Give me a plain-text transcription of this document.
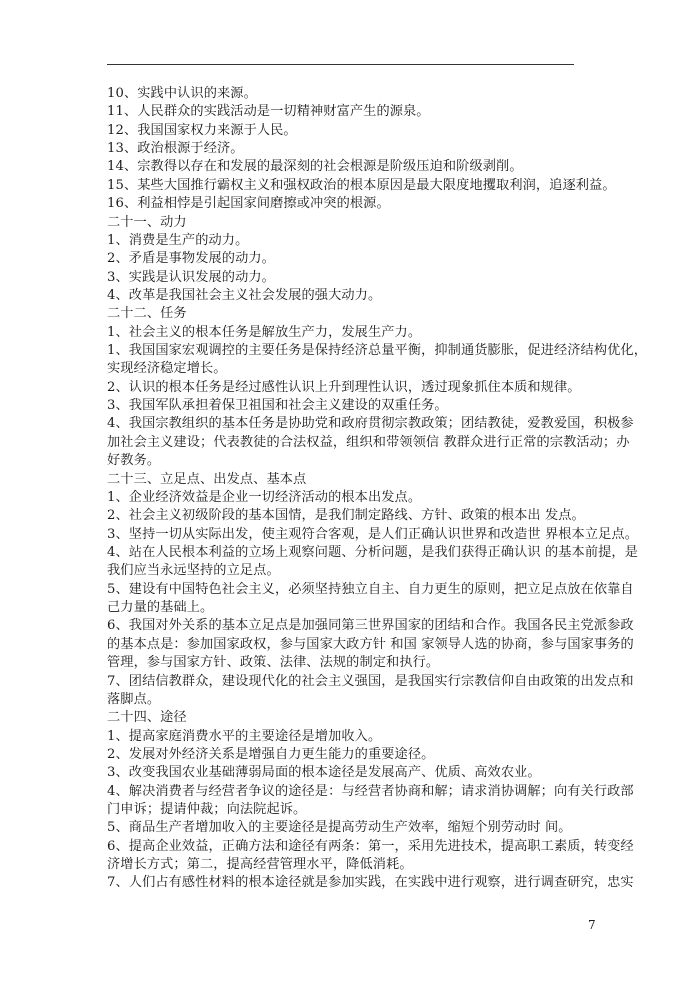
10、实践中认识的来源。
11、人民群众的实践活动是一切精神财富产生的源泉。
12、我国国家权力来源于人民。
13、政治根源于经济。
14、宗教得以存在和发展的最深刻的社会根源是阶级压迫和阶级剥削。
15、某些大国推行霸权主义和强权政治的根本原因是最大限度地攫取利润，追逐利益。
16、利益相悖是引起国家间磨擦或冲突的根源。
二十一、动力
1、消费是生产的动力。
2、矛盾是事物发展的动力。
3、实践是认识发展的动力。
4、改革是我国社会主义社会发展的强大动力。
二十二、任务
1、社会主义的根本任务是解放生产力，发展生产力。
1、我国国家宏观调控的主要任务是保持经济总量平衡，抑制通货膨胀，促进经济结构优化，
实现经济稳定增长。
2、认识的根本任务是经过感性认识上升到理性认识，透过现象抓住本质和规律。
3、我国军队承担着保卫祖国和社会主义建设的双重任务。
4、我国宗教组织的基本任务是协助党和政府贯彻宗教政策；团结教徒，爱教爱国，积极参
加社会主义建设；代表教徒的合法权益，组织和带领领信 教群众进行正常的宗教活动；办
好教务。
二十三、立足点、出发点、基本点
1、企业经济效益是企业一切经济活动的根本出发点。
2、社会主义初级阶段的基本国情，是我们制定路线、方针、政策的根本出 发点。
3、坚持一切从实际出发，使主观符合客观，是人们正确认识世界和改造世 界根本立足点。
4、站在人民根本利益的立场上观察问题、分析问题，是我们获得正确认识 的基本前提，是
我们应当永远坚持的立足点。
5、建设有中国特色社会主义，必须坚持独立自主、自力更生的原则，把立足点放在依靠自
己力量的基础上。
6、我国对外关系的基本立足点是加强同第三世界国家的团结和合作。我国各民主党派参政
的基本点是：参加国家政权，参与国家大政方针 和国 家领导人选的协商，参与国家事务的
管理，参与国家方针、政策、法律、法规的制定和执行。
7、团结信教群众，建设现代化的社会主义强国，是我国实行宗教信仰自由政策的出发点和
落脚点。
二十四、途径
1、提高家庭消费水平的主要途径是增加收入。
2、发展对外经济关系是增强自力更生能力的重要途径。
3、改变我国农业基础薄弱局面的根本途径是发展高产、优质、高效农业。
4、解决消费者与经营者争议的途径是：与经营者协商和解；请求消协调解；向有关行政部
门申诉；提请仲裁；向法院起诉。
5、商品生产者增加收入的主要途径是提高劳动生产效率，缩短个别劳动时 间。
6、提高企业效益，正确方法和途径有两条：第一，采用先进技术，提高职工素质，转变经
济增长方式；第二，提高经营管理水平，降低消耗。
7、人们占有感性材料的根本途径就是参加实践，在实践中进行观察，进行调查研究，忠实
7
